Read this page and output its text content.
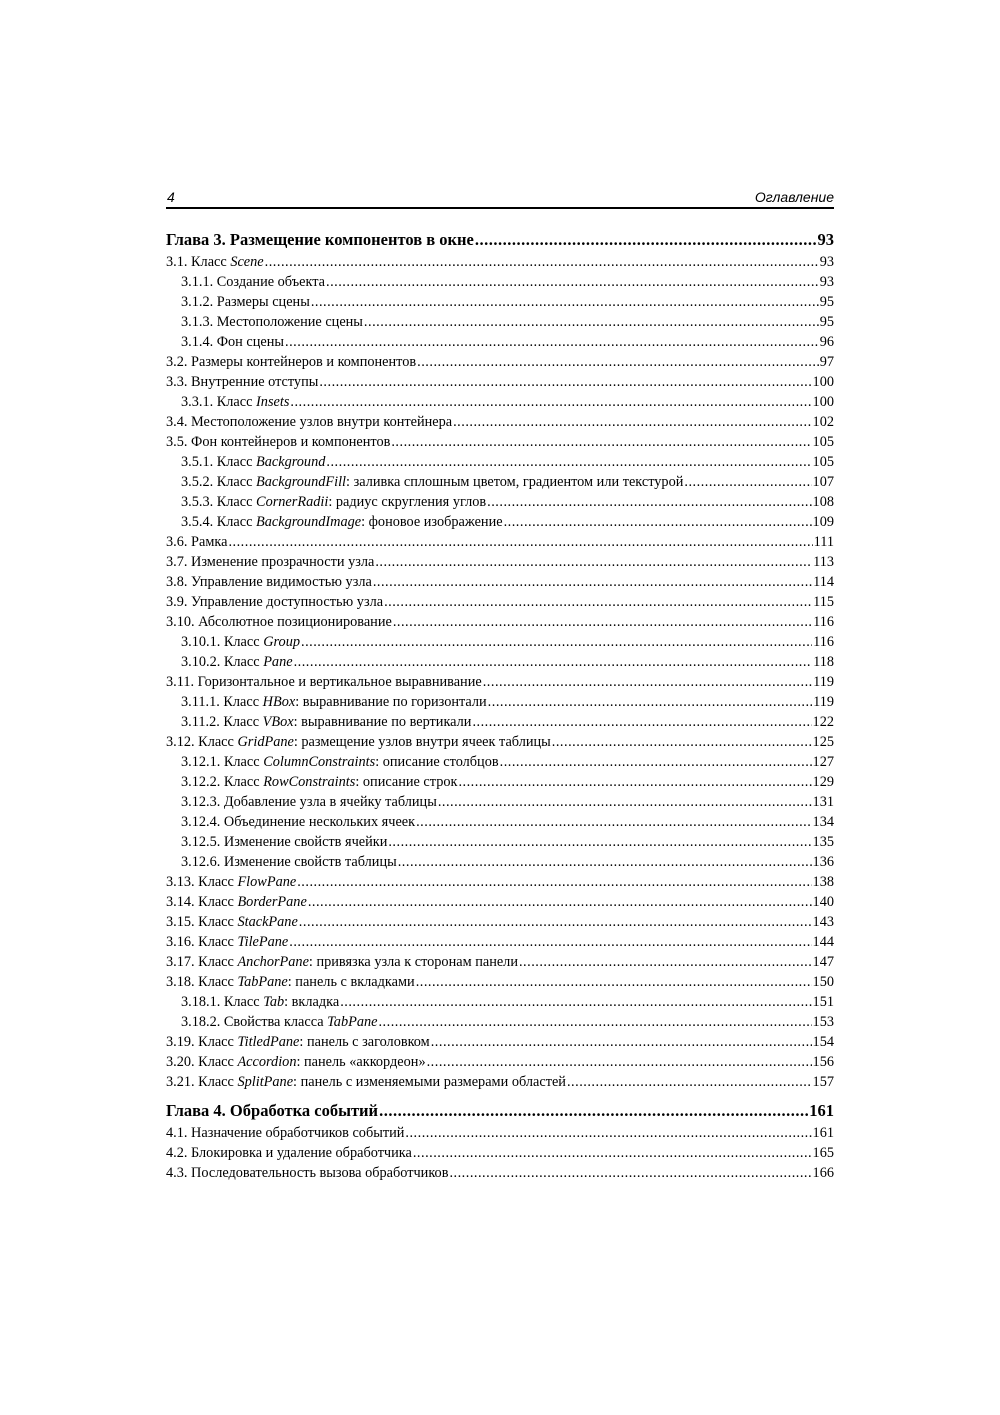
4	Оглавление
Глава 3. Размещение компонентов в окне .....	93
3.1. Класс Scene .....	93
3.1.1. Создание объекта .....	93
3.1.2. Размеры сцены .....	95
3.1.3. Местоположение сцены .....	95
3.1.4. Фон сцены .....	96
3.2. Размеры контейнеров и компонентов .....	97
3.3. Внутренние отступы .....	100
3.3.1. Класс Insets .....	100
3.4. Местоположение узлов внутри контейнера .....	102
3.5. Фон контейнеров и компонентов .....	105
3.5.1. Класс Background .....	105
3.5.2. Класс BackgroundFill: заливка сплошным цветом, градиентом или текстурой .....	107
3.5.3. Класс CornerRadii: радиус скругления углов .....	108
3.5.4. Класс BackgroundImage: фоновое изображение .....	109
3.6. Рамка .....	111
3.7. Изменение прозрачности узла .....	113
3.8. Управление видимостью узла .....	114
3.9. Управление доступностью узла .....	115
3.10. Абсолютное позиционирование .....	116
3.10.1. Класс Group .....	116
3.10.2. Класс Pane .....	118
3.11. Горизонтальное и вертикальное выравнивание .....	119
3.11.1. Класс HBox: выравнивание по горизонтали .....	119
3.11.2. Класс VBox: выравнивание по вертикали .....	122
3.12. Класс GridPane: размещение узлов внутри ячеек таблицы .....	125
3.12.1. Класс ColumnConstraints: описание столбцов .....	127
3.12.2. Класс RowConstraints: описание строк .....	129
3.12.3. Добавление узла в ячейку таблицы .....	131
3.12.4. Объединение нескольких ячеек .....	134
3.12.5. Изменение свойств ячейки .....	135
3.12.6. Изменение свойств таблицы .....	136
3.13. Класс FlowPane .....	138
3.14. Класс BorderPane .....	140
3.15. Класс StackPane .....	143
3.16. Класс TilePane .....	144
3.17. Класс AnchorPane: привязка узла к сторонам панели .....	147
3.18. Класс TabPane: панель с вкладками .....	150
3.18.1. Класс Tab: вкладка .....	151
3.18.2. Свойства класса TabPane .....	153
3.19. Класс TitledPane: панель с заголовком .....	154
3.20. Класс Accordion: панель «аккордеон» .....	156
3.21. Класс SplitPane: панель с изменяемыми размерами областей .....	157
Глава 4. Обработка событий .....	161
4.1. Назначение обработчиков событий .....	161
4.2. Блокировка и удаление обработчика .....	165
4.3. Последовательность вызова обработчиков .....	166
